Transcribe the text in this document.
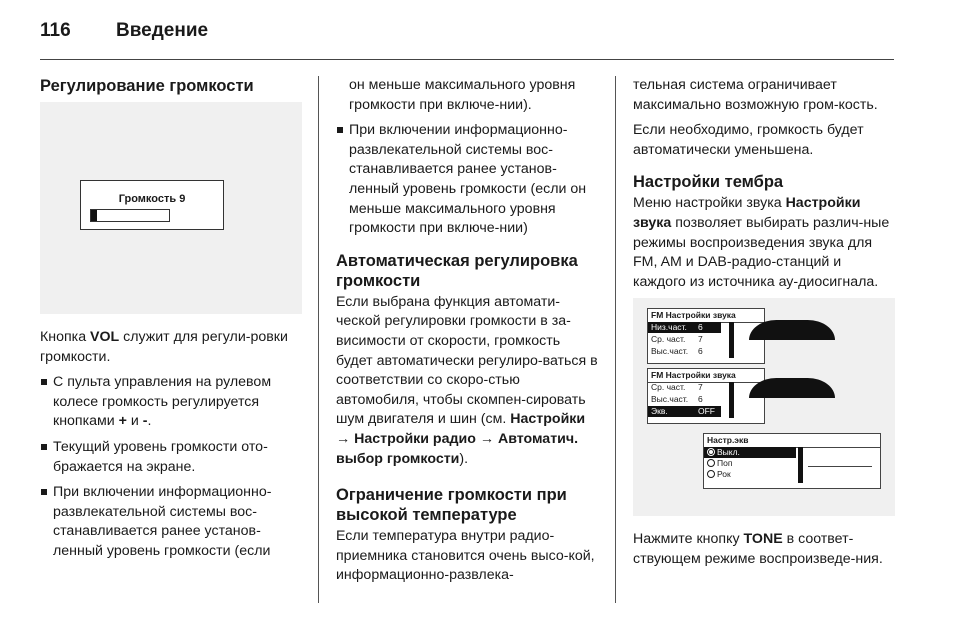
116 Введение
Регулирование громкости
Громкость 9
Кнопка VOL служит для регули-ровки громкости.
С пульта управления на рулевом колесе громкость регулируется кнопками + и -.
Текущий уровень громкости ото-бражается на экране.
При включении информационно-развлекательной системы вос-станавливается ранее установ-ленный уровень громкости (если
он меньше максимального уровня громкости при включе-нии).
При включении информационно-развлекательной системы вос-станавливается ранее установ-ленный уровень громкости (если он меньше максимального уровня громкости при включе-нии)
Автоматическая регулировка громкости
Если выбрана функция автомати-ческой регулировки громкости в за-висимости от скорости, громкость будет автоматически регулиро-ваться в соответствии со скоро-стью автомобиля, чтобы скомпен-сировать шум двигателя и шин (см. Настройки → Настройки радио → Автоматич. выбор громкости).
Ограничение громкости при высокой температуре
Если температура внутри радио-приемника становится очень высо-кой, информационно-развлека-
тельная система ограничивает максимально возможную гром-кость.
Если необходимо, громкость будет автоматически уменьшена.
Настройки тембра
Меню настройки звука Настройки звука позволяет выбирать различ-ные режимы воспроизведения звука для FM, AM и DAB-радио-станций и каждого из источника ау-диосигнала.
FM Настройки звука
Низ.част. 6
Ср. част. 7
Выс.част. 6
FM Настройки звука
Ср. част. 7
Выс.част. 6
Экв.	OFF
Настр.экв
Выкл.
Поп
Рок
Нажмите кнопку TONE в соответ-ствующем режиме воспроизведе-ния.
